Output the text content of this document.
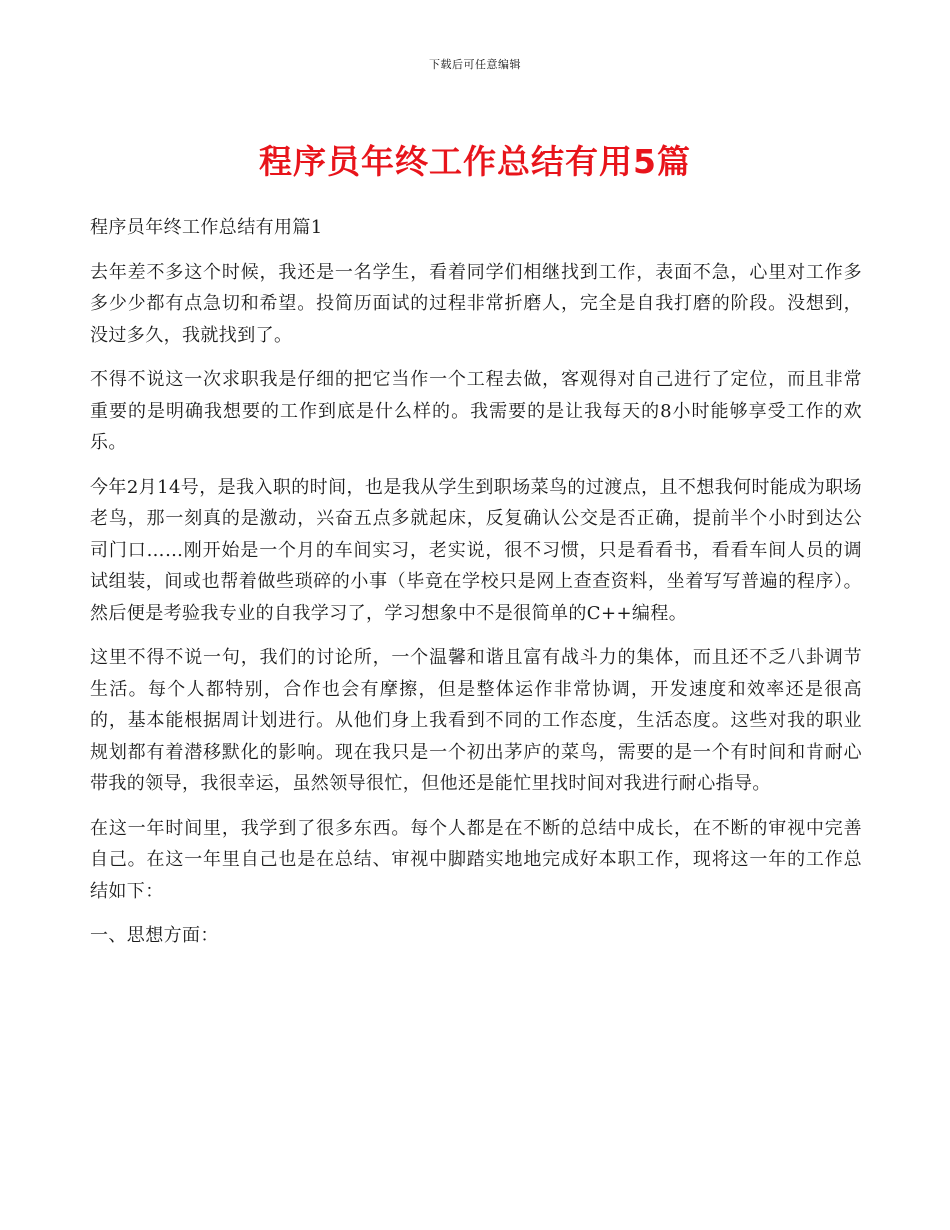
下载后可任意编辑
程序员年终工作总结有用5篇

程序员年终工作总结有用篇1

去年差不多这个时候，我还是一名学生，看着同学们相继找到工作，表面不急，心里对工作多多少少都有点急切和希望。投简历面试的过程非常折磨人，完全是自我打磨的阶段。没想到，没过多久，我就找到了。

不得不说这一次求职我是仔细的把它当作一个工程去做，客观得对自己进行了定位，而且非常重要的是明确我想要的工作到底是什么样的。我需要的是让我每天的8小时能够享受工作的欢乐。

今年2月14号，是我入职的时间，也是我从学生到职场菜鸟的过渡点，且不想我何时能成为职场老鸟，那一刻真的是激动，兴奋五点多就起床，反复确认公交是否正确，提前半个小时到达公司门口……刚开始是一个月的车间实习，老实说，很不习惯，只是看看书，看看车间人员的调试组装，间或也帮着做些琐碎的小事（毕竟在学校只是网上查查资料，坐着写写普遍的程序）。然后便是考验我专业的自我学习了，学习想象中不是很简单的C++编程。

这里不得不说一句，我们的讨论所，一个温馨和谐且富有战斗力的集体，而且还不乏八卦调节生活。每个人都特别，合作也会有摩擦，但是整体运作非常协调，开发速度和效率还是很高的，基本能根据周计划进行。从他们身上我看到不同的工作态度，生活态度。这些对我的职业规划都有着潜移默化的影响。现在我只是一个初出茅庐的菜鸟，需要的是一个有时间和肯耐心带我的领导，我很幸运，虽然领导很忙，但他还是能忙里找时间对我进行耐心指导。

在这一年时间里，我学到了很多东西。每个人都是在不断的总结中成长，在不断的审视中完善自己。在这一年里自己也是在总结、审视中脚踏实地地完成好本职工作，现将这一年的工作总结如下：

一、思想方面：
